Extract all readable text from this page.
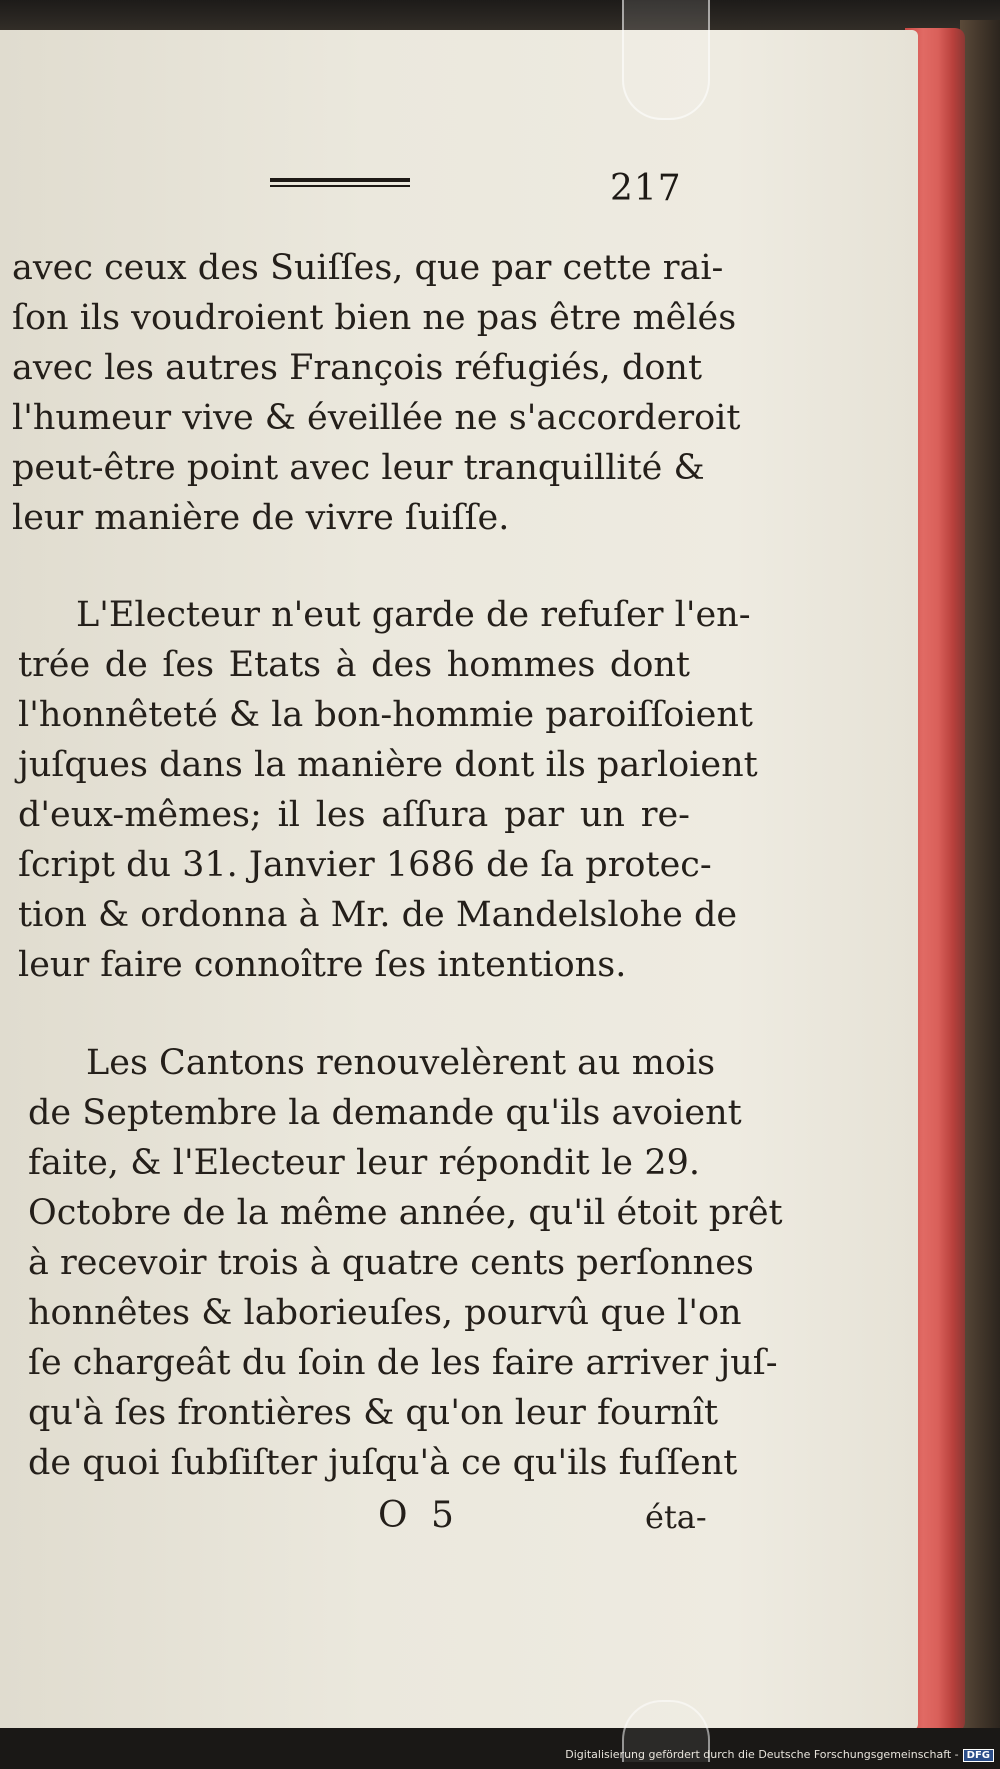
217
avec ceux des Suiſſes, que par cette rai-
ſon ils voudroient bien ne pas être mêlés
avec les autres François réfugiés, dont
l'humeur vive & éveillée ne s'accorderoit
peut-être point avec leur tranquillité &
leur manière de vivre ſuiſſe.
L'Electeur n'eut garde de refuſer l'en-
trée de ſes Etats à des hommes dont
l'honnêteté & la bon-hommie paroiſſoient
juſques dans la manière dont ils parloient
d'eux-mêmes; il les aſſura par un re-
ſcript du 31. Janvier 1686 de ſa protec-
tion & ordonna à Mr. de Mandelslohe de
leur faire connoître ſes intentions.
Les Cantons renouvelèrent au mois
de Septembre la demande qu'ils avoient
faite, & l'Electeur leur répondit le 29.
Octobre de la même année, qu'il étoit prêt
à recevoir trois à quatre cents perſonnes
honnêtes & laborieuſes, pourvû que l'on
ſe chargeât du ſoin de les faire arriver juſ-
qu'à ſes frontières & qu'on leur fournît
de quoi ſubſiſter juſqu'à ce qu'ils fuſſent
O 5	éta-
Digitalisierung gefördert durch die Deutsche Forschungsgemeinschaft - DFG
